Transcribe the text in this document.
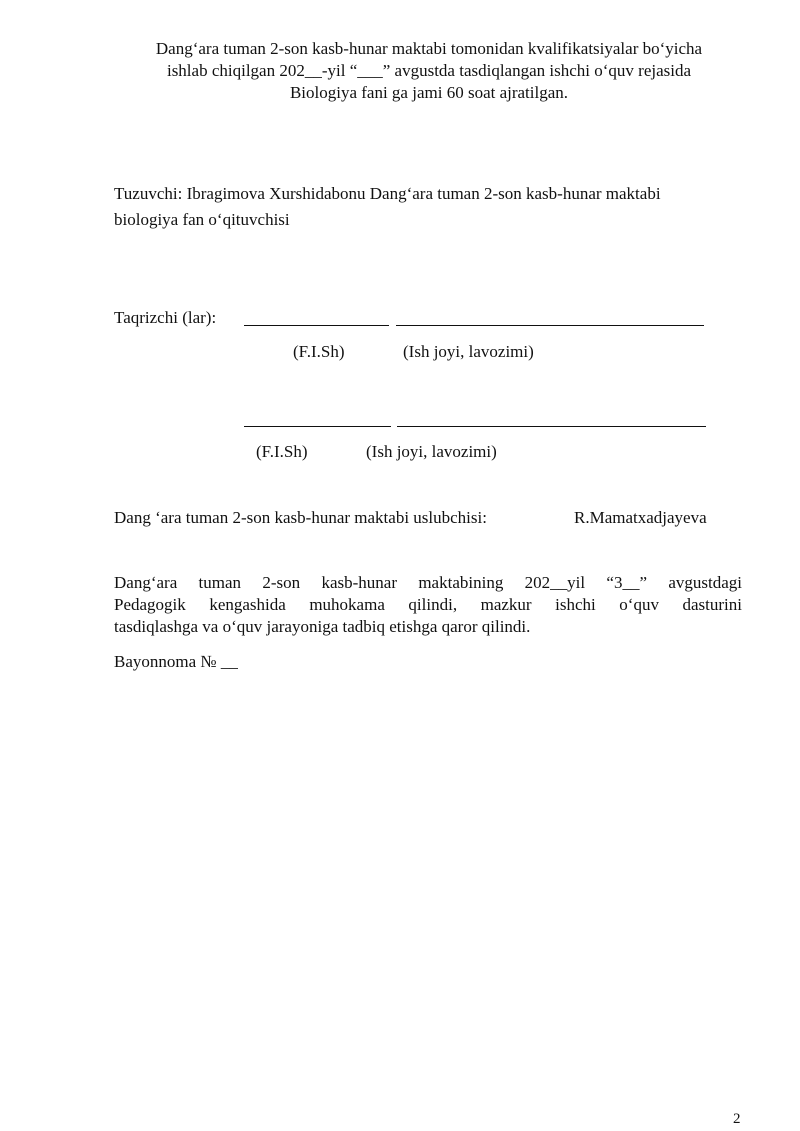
Dang‘ara tuman 2-son kasb-hunar maktabi tomonidan kvalifikatsiyalar bo‘yicha
ishlab chiqilgan 202__-yil “___” avgustda tasdiqlangan ishchi o‘quv rejasida
Biologiya fani ga jami 60 soat ajratilgan.
Tuzuvchi: Ibragimova Xurshidabonu Dang‘ara tuman 2-son kasb-hunar maktabi
biologiya fan o‘qituvchisi
Taqrizchi (lar):
(F.I.Sh)	(Ish joyi, lavozimi)
(F.I.Sh)	(Ish joyi, lavozimi)
Dang ‘ara tuman 2-son kasb-hunar maktabi uslubchisi:	R.Mamatxadjayeva
Dang‘ara tuman 2-son kasb-hunar maktabining 202__yil “3__” avgustdagi
Pedagogik kengashida muhokama qilindi, mazkur ishchi o‘quv dasturini
tasdiqlashga va o‘quv jarayoniga tadbiq etishga qaror qilindi.
Bayonnoma № __
2
